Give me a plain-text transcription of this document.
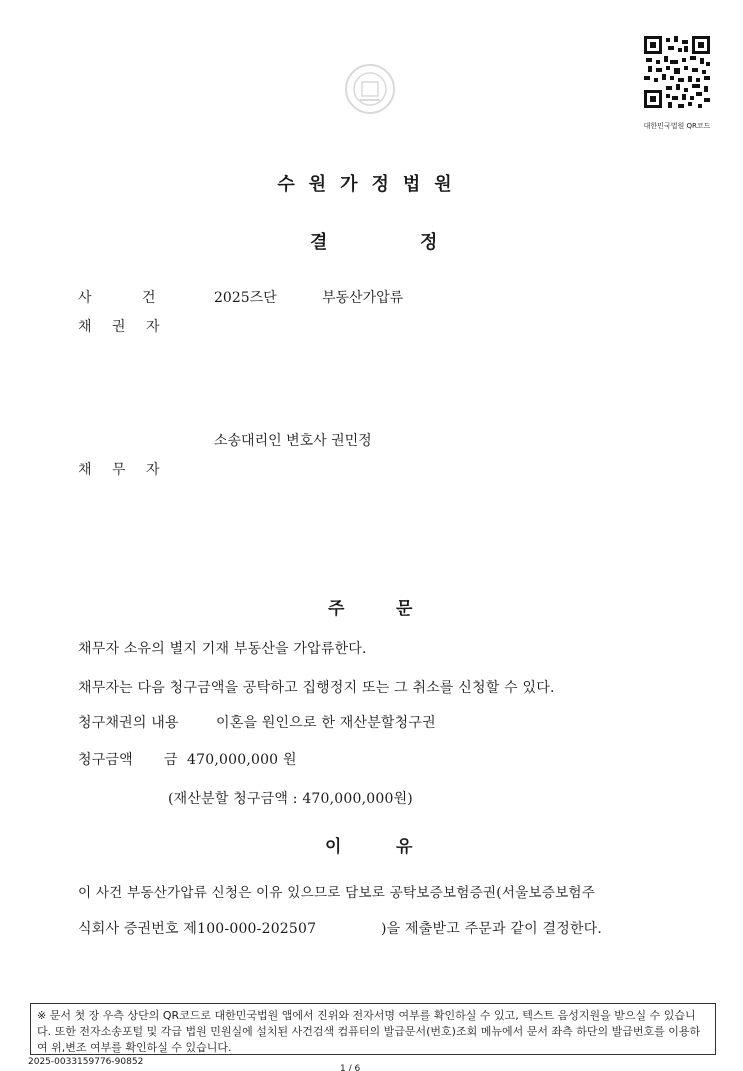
대한민국법원 QR코드
수원가정법원
결	정
사	건	2025즈단	부동산가압류
채 권 자
소송대리인 변호사 권민정
채 무 자
주	문
채무자 소유의 별지 기재 부동산을 가압류한다.
채무자는 다음 청구금액을 공탁하고 집행정지 또는 그 취소를 신청할 수 있다.
청구채권의 내용	이혼을 원인으로 한 재산분할청구권
청구금액 금  470,000,000 원
(재산분할 청구금액 : 470,000,000원)
이	유
이 사건 부동산가압류 신청은 이유 있으므로 담보로 공탁보증보험증권(서울보증보험주
식회사 증권번호 제100-000-202507	)을 제출받고 주문과 같이 결정한다.
※ 문서 첫 장 우측 상단의 QR코드로 대한민국법원 앱에서 진위와 전자서명 여부를 확인하실 수 있고, 텍스트 음성지원을 받으실 수 있습니다. 또한 전자소송포털 및 각급 법원 민원실에 설치된 사건검색 컴퓨터의 발급문서(번호)조회 메뉴에서 문서 좌측 하단의 발급번호를 이용하여 위,변조 여부를 확인하실 수 있습니다.
2025-0033159776-90852
1 / 6
